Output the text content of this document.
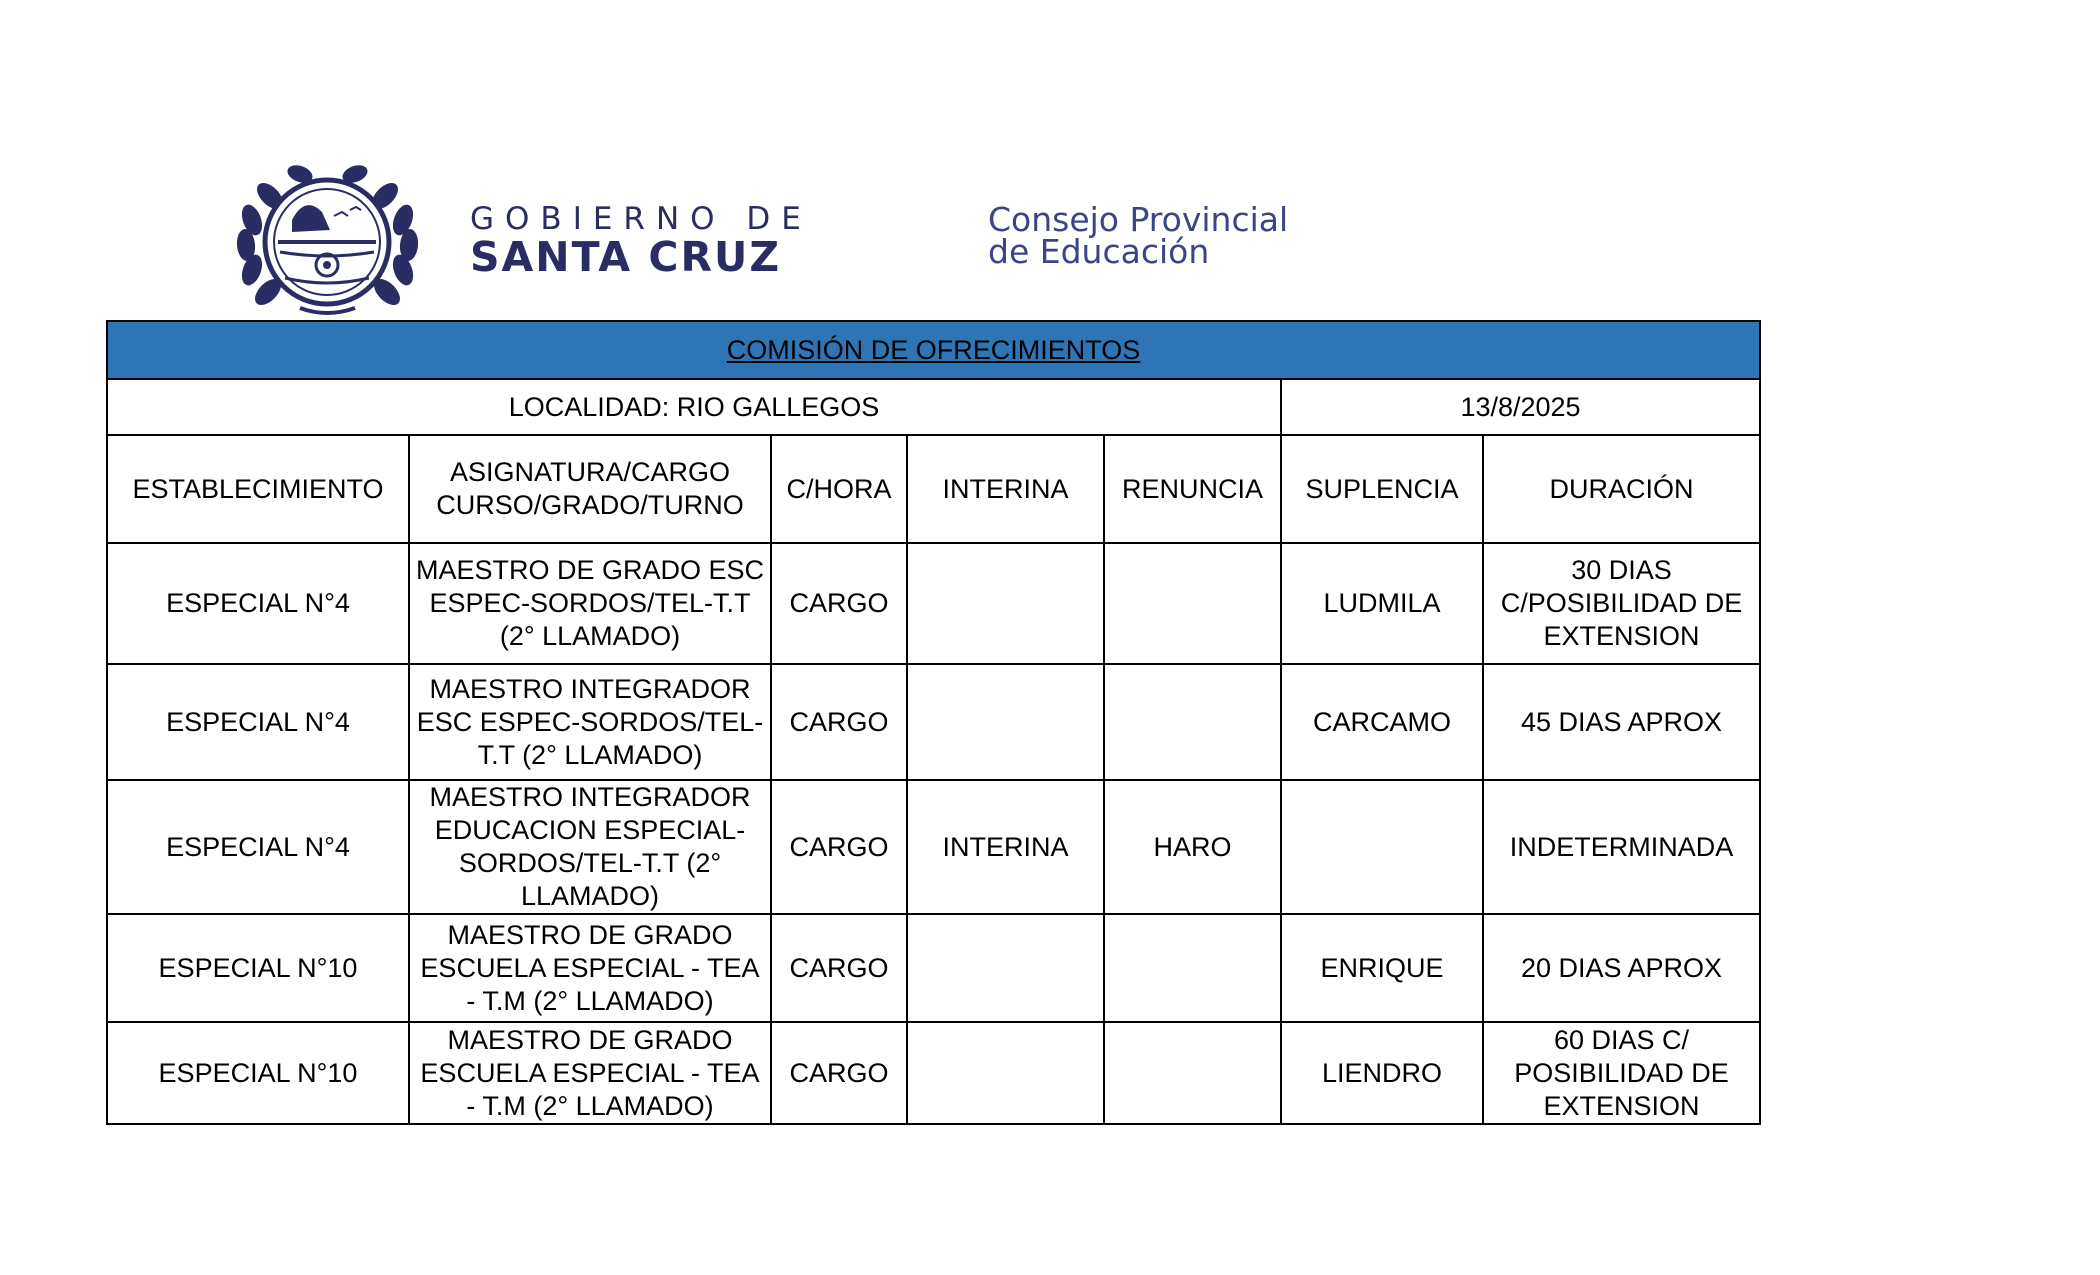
GOBIERNO DE
SANTA CRUZ
Consejo Provincial
de Educación
COMISIÓN DE OFRECIMIENTOS						
LOCALIDAD: RIO GALLEGOS					13/8/2025	
ESTABLECIMIENTO	ASIGNATURA/CARGO CURSO/GRADO/TURNO	C/HORA	INTERINA	RENUNCIA	SUPLENCIA	DURACIÓN
ESPECIAL N°4	MAESTRO DE GRADO ESC ESPEC-SORDOS/TEL-T.T (2° LLAMADO)	CARGO			LUDMILA	30 DIAS C/POSIBILIDAD DE EXTENSION
ESPECIAL N°4	MAESTRO INTEGRADOR ESC ESPEC-SORDOS/TEL-T.T (2° LLAMADO)	CARGO			CARCAMO	45 DIAS APROX
ESPECIAL N°4	MAESTRO INTEGRADOR EDUCACION ESPECIAL-SORDOS/TEL-T.T (2° LLAMADO)	CARGO	INTERINA	HARO		INDETERMINADA
ESPECIAL N°10	MAESTRO DE GRADO ESCUELA ESPECIAL - TEA - T.M (2° LLAMADO)	CARGO			ENRIQUE	20 DIAS APROX
ESPECIAL N°10	MAESTRO DE GRADO ESCUELA ESPECIAL - TEA - T.M (2° LLAMADO)	CARGO			LIENDRO	60 DIAS C/ POSIBILIDAD DE EXTENSION
